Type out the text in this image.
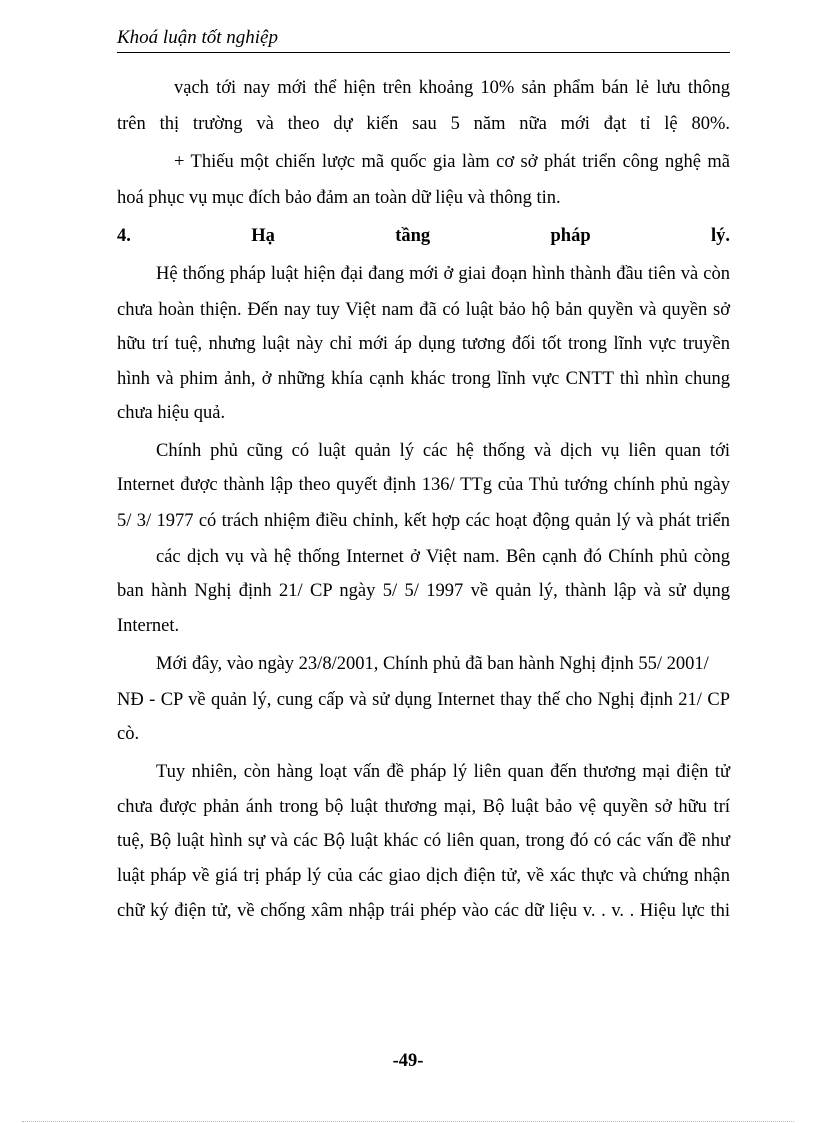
Khoá luận tốt nghiệp
vạch tới nay mới thể hiện trên khoảng 10% sản phẩm bán lẻ lưu thông
trên thị trường và theo dự kiến sau 5 năm nữa mới đạt tỉ lệ 80%.
+ Thiếu một chiến lược mã quốc gia làm cơ sở phát triển công nghệ mã
hoá phục vụ mục đích bảo đảm an toàn dữ liệu và thông tin.
4.	Hạ	tầng	pháp	lý.
Hệ thống pháp luật hiện đại đang mới ở giai đoạn hình thành đầu tiên và còn
chưa hoàn thiện. Đến nay tuy Việt nam đã có luật bảo hộ bản quyền và quyền sở
hữu trí tuệ, nhưng luật này chỉ mới áp dụng tương đối tốt trong lĩnh vực truyền
hình và phim ảnh, ở những khía cạnh khác trong lĩnh vực CNTT thì nhìn chung
chưa hiệu quả.
Chính phủ cũng có luật quản lý các hệ thống và dịch vụ liên quan tới
Internet được thành lập theo quyết định 136/ TTg của Thủ tướng chính phủ ngày
5/ 3/ 1977 có trách nhiệm điều chỉnh, kết hợp các hoạt động quản lý và phát triển
các dịch vụ và hệ thống Internet ở Việt nam. Bên cạnh đó Chính phủ còng
ban hành Nghị định 21/ CP ngày 5/ 5/ 1997 về quản lý, thành lập và sử dụng
Internet.
Mới đây, vào ngày 23/8/2001, Chính phủ đã ban hành Nghị định 55/ 2001/
NĐ - CP về quản lý, cung cấp và sử dụng Internet thay thế cho Nghị định 21/ CP
cò.
Tuy nhiên, còn hàng loạt vấn đề pháp lý liên quan đến thương mại điện tử
chưa được phản ánh trong bộ luật thương mại, Bộ luật bảo vệ quyền sở hữu trí
tuệ, Bộ luật hình sự và các Bộ luật khác có liên quan, trong đó có các vấn đề như
luật pháp về giá trị pháp lý của các giao dịch điện tử, về xác thực và chứng nhận
chữ ký điện tử, về chống xâm nhập trái phép vào các dữ liệu v. . v. . Hiệu lực thi
-49-
